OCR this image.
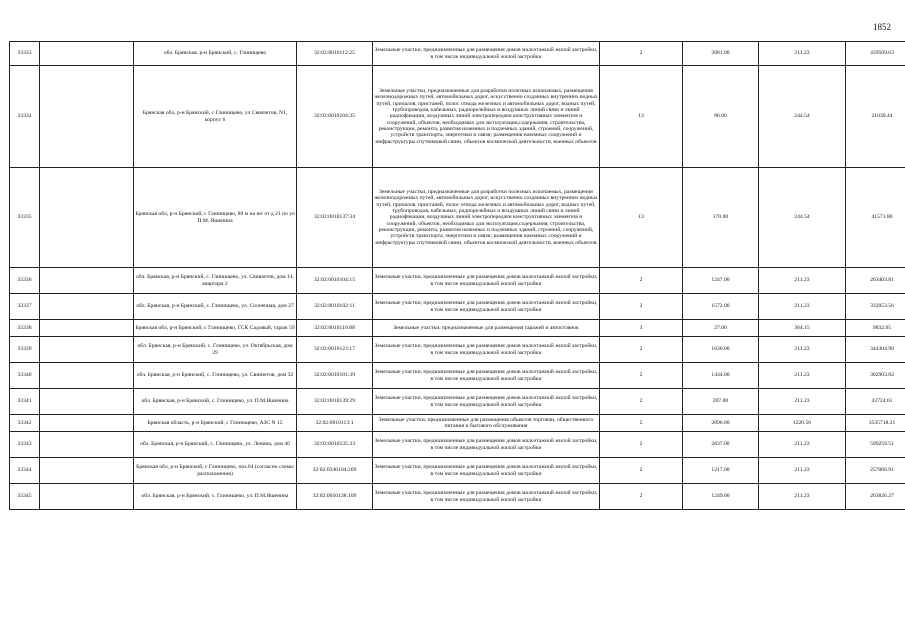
1852
33333		обл. Брянская, р-н Брянский, с. Глинищево	32:02:0010112:25	Земельные участки, предназначенные для размещения домов малоэтажной жилой застройки, в том числе индивидуальной жилой застройки	2	2081.00	211.23	439569.63
33334		Брянская обл, р-н Брянский, с Глинищево, ул Свиязетов, N1, корпус 6	32:02:0010104:35	Земельные участки, предназначенные для разработки полезных ископаемых, размещения железнодорожных путей, автомобильных дорог, искусственно созданных внутренних водных путей, причалов, пристаней, полос отвода железных и автомобильных дорог, водных путей, трубопроводов, кабельных, радиорелейных и воздушных линий связи и линий радиофикации, воздушных линий электропередачи конструктивных элементов и сооружений, объектов, необходимых для эксплуатации,содержания, строительства, реконструкции, ремонта, развития наземных и подземных зданий, строений, сооружений, устройств транспорта, энергетики и связи; размещения наземных сооружений и инфраструктуры спутниковой связи, объектов космической деятельности, военных объектов	13	86.00	244.54	21030.44
33335		Брянская обл, р-н Брянский, с Глинищево, 80 м на юг от д 21 по ул П.М. Яшенина	32:02:0010137:34	Земельные участки, предназначенные для разработки полезных ископаемых, размещения железнодорожных путей, автомобильных дорог, искусственно созданных внутренних водных путей, причалов, пристаней, полос отвода железных и автомобильных дорог, водных путей, трубопроводов, кабельных, радиорелейных и воздушных линий связи и линий радиофикации, воздушных линий электропередачи конструктивных элементов и сооружений, объектов, необходимых для эксплуатации,содержания, строительства, реконструкции, ремонта, развития наземных и подземных зданий, строений, сооружений, устройств транспорта, энергетики и связи; размещения наземных сооружений и инфраструктуры спутниковой связи, объектов космической деятельности, военных объектов	13	170.00	244.54	41571.80
33336		обл. Брянская, р-н Брянский, с. Глинищево, ул. Свиязетов, дом 14, квартира 2	32:02:0010104:15	Земельные участки, предназначенные для размещения домов малоэтажной жилой застройки, в том числе индивидуальной жилой застройки	2	1247.00	211.23	263403.81
33337		обл. Брянская, р-н Брянский, с. Глинищево, ул. Солнечная, дом 27	32:02:0010102:11	Земельные участки, предназначенные для размещения домов малоэтажной жилой застройки, в том числе индивидуальной жилой застройки	2	1572.00	211.23	332053.56
33338		Брянская обл, р-н Брянский, с Глинищево, ГСК Садовый, гараж 59	32:02:0010116:88	Земельные участки, предназначенные для размещения гаражей и автостоянок	3	27.00	364.15	9832.05
33339		обл. Брянская, р-н Брянский, с. Глинищево, ул. Октябрьская, дом 29	32:02:0010123:17	Земельные участки, предназначенные для размещения домов малоэтажной жилой застройки, в том числе индивидуальной жилой застройки	2	1630.00	211.23	344304.90
33340		обл. Брянская, р-н Брянский, с. Глинищево, ул. Свиязетов, дом 32	32:02:0010101:39	Земельные участки, предназначенные для размещения домов малоэтажной жилой застройки, в том числе индивидуальной жилой застройки	2	1434.00	211.23	302903.82
33341		обл. Брянская, р-н Брянский, с. Глинищево, ул. П.М.Яшенина	32:02:0010139:29	Земельные участки, предназначенные для размещения домов малоэтажной жилой застройки, в том числе индивидуальной жилой застройки	2	207.00	211.23	43724.61
33342		Брянская область, р-н Брянский, с Глинищево, АЗС N 15	32:02:0010113:1	Земельные участки, предназначенные для размещения объектов торговли, общественного питания и бытового обслуживания	5	2896.80	1220.56	3535718.21
33343		обл. Брянская, р-н Брянский, с. Глинищево, ул. Ленина, дом 46	32:02:0010135:33	Земельные участки, предназначенные для размещения домов малоэтажной жилой застройки, в том числе индивидуальной жилой застройки	2	2837.00	211.23	599259.51
33344		Брянская обл, р-н Брянский, с Глинищево, поз.64 (согласно схемы расположения)	32:02:0340104:269	Земельные участки, предназначенные для размещения домов малоэтажной жилой застройки, в том числе индивидуальной жилой застройки	2	1217.00	211.23	257066.91
33345		обл. Брянская, р-н Брянский, с. Глинищево, ул. П.М.Яшенина	32:02:0010138:109	Земельные участки, предназначенные для размещения домов малоэтажной жилой застройки, в том числе индивидуальной жилой застройки	2	1249.00	211.23	263826.27
